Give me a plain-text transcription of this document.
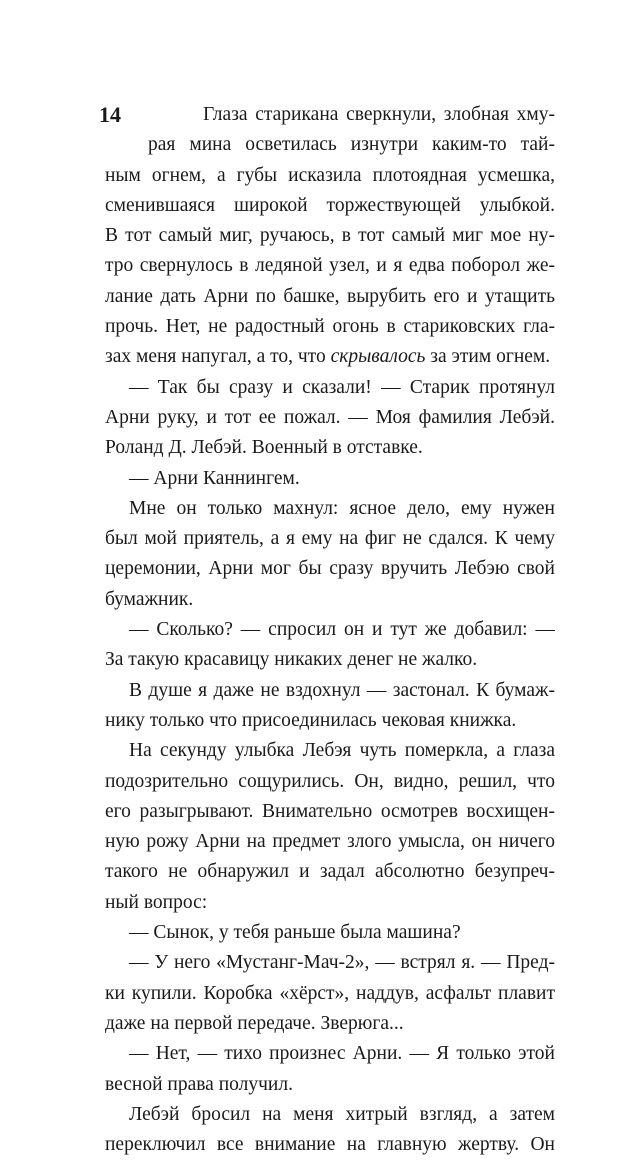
14	Глаза старикана сверкнули, злобная хму-
рая мина осветилась изнутри каким-то тай-
ным огнем, а губы исказила плотоядная усмешка,
сменившаяся широкой торжествующей улыбкой.
В тот самый миг, ручаюсь, в тот самый миг мое ну-
тро свернулось в ледяной узел, и я едва поборол же-
лание дать Арни по башке, вырубить его и утащить
прочь. Нет, не радостный огонь в стариковских гла-
зах меня напугал, а то, что скрывалось за этим огнем.
— Так бы сразу и сказали! — Старик протянул
Арни руку, и тот ее пожал. — Моя фамилия Лебэй.
Роланд Д. Лебэй. Военный в отставке.
— Арни Каннингем.
Мне он только махнул: ясное дело, ему нужен
был мой приятель, а я ему на фиг не сдался. К чему
церемонии, Арни мог бы сразу вручить Лебэю свой
бумажник.
— Сколько? — спросил он и тут же добавил: —
За такую красавицу никаких денег не жалко.
В душе я даже не вздохнул — застонал. К бумаж-
нику только что присоединилась чековая книжка.
На секунду улыбка Лебэя чуть померкла, а глаза
подозрительно сощурились. Он, видно, решил, что
его разыгрывают. Внимательно осмотрев восхищен-
ную рожу Арни на предмет злого умысла, он ничего
такого не обнаружил и задал абсолютно безупреч-
ный вопрос:
— Сынок, у тебя раньше была машина?
— У него «Мустанг-Мач-2», — встрял я. — Пред-
ки купили. Коробка «хёрст», наддув, асфальт плавит
даже на первой передаче. Зверюга...
— Нет, — тихо произнес Арни. — Я только этой
весной права получил.
Лебэй бросил на меня хитрый взгляд, а затем
переключил все внимание на главную жертву. Он
